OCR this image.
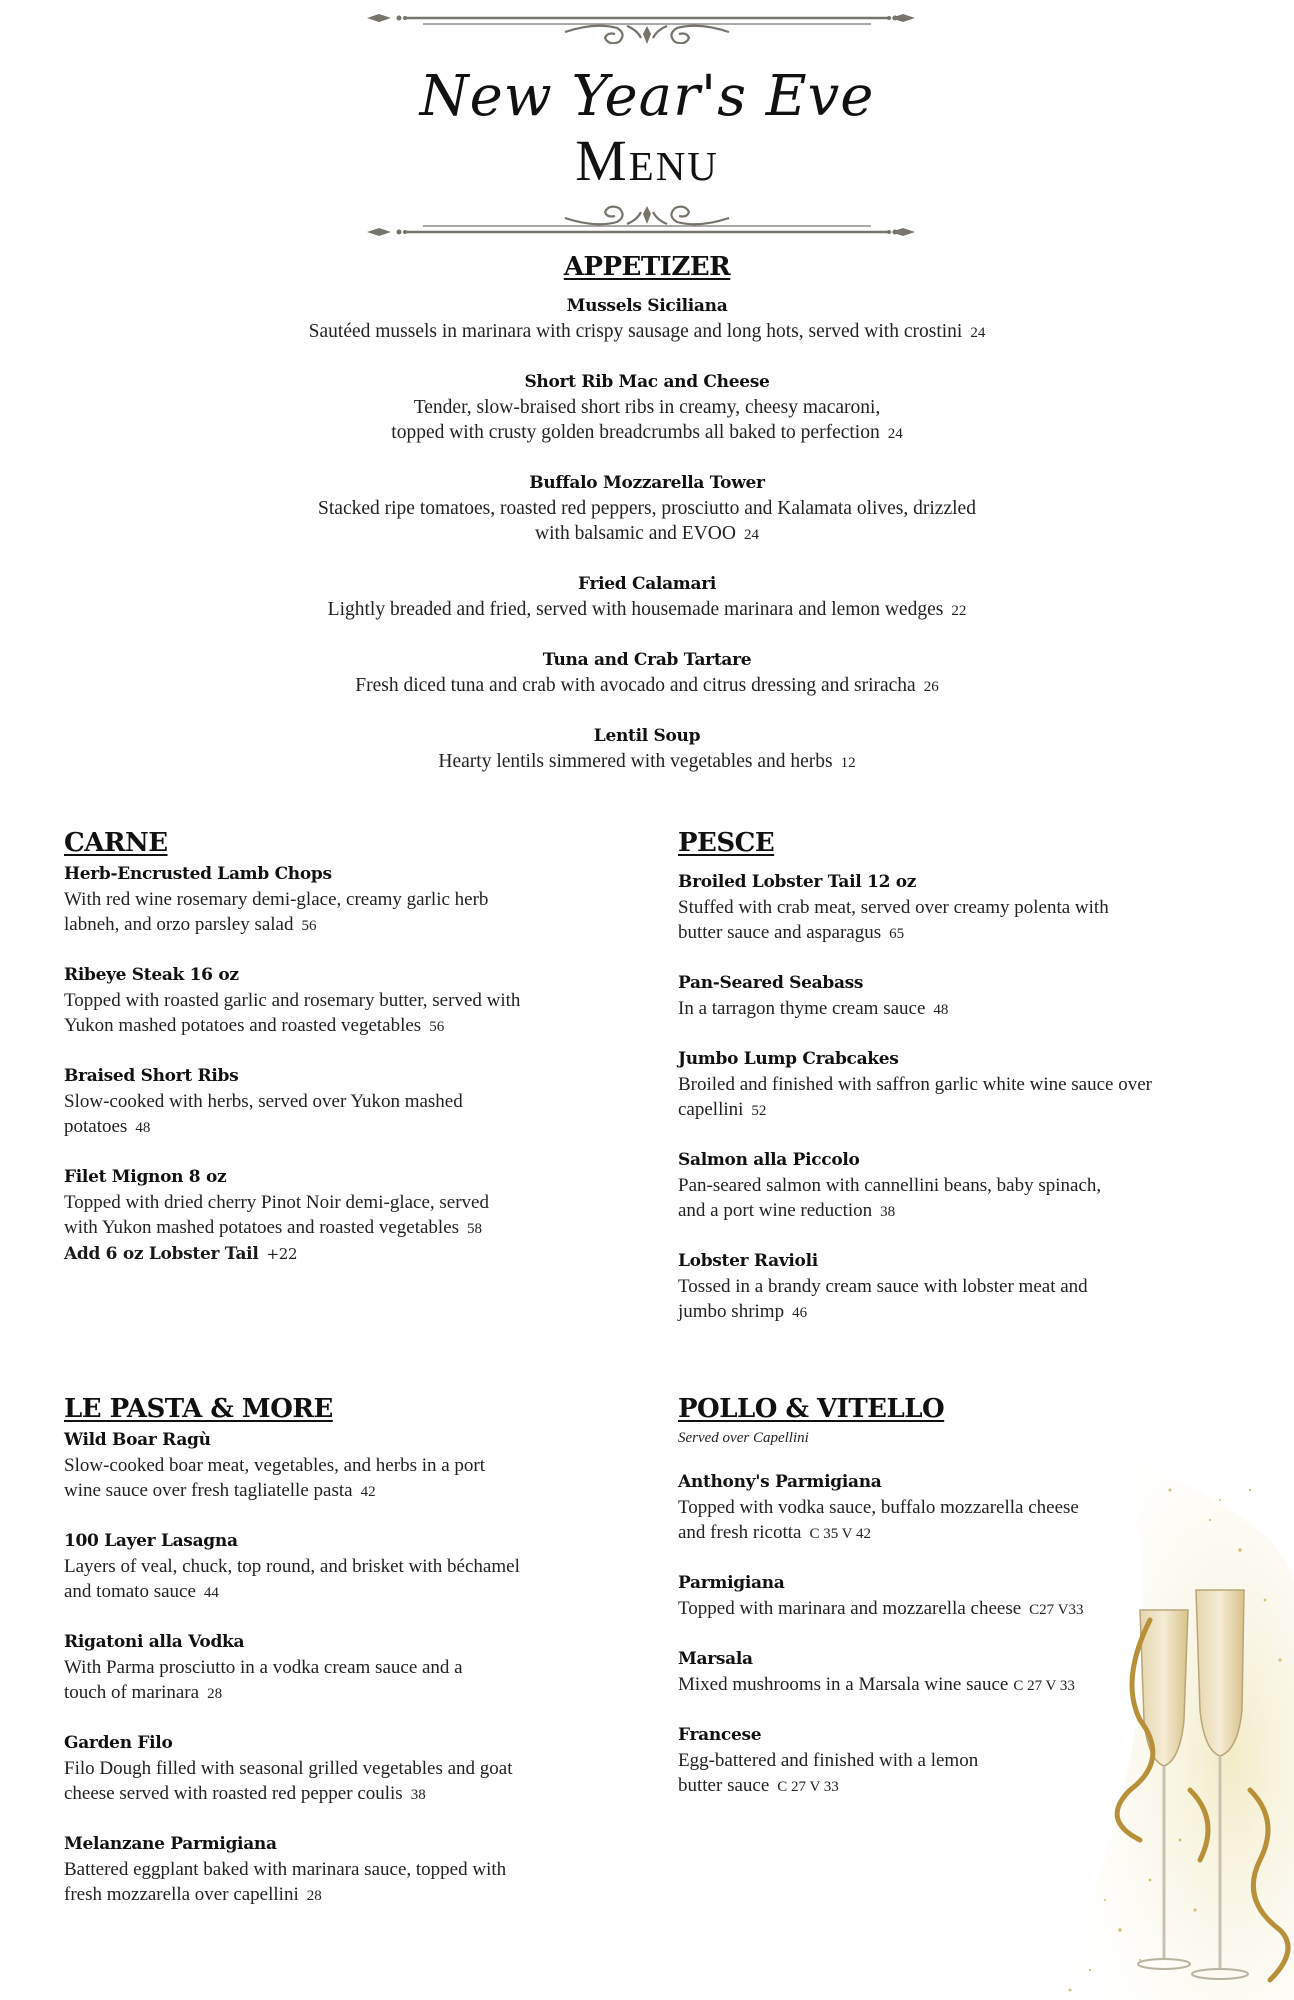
New Year's Eve
Menu
APPETIZER
Mussels Siciliana
Sautéed mussels in marinara with crispy sausage and long hots, served with crostini 24
Short Rib Mac and Cheese
Tender, slow-braised short ribs in creamy, cheesy macaroni,
topped with crusty golden breadcrumbs all baked to perfection 24
Buffalo Mozzarella Tower
Stacked ripe tomatoes, roasted red peppers, prosciutto and Kalamata olives, drizzled
with balsamic and EVOO 24
Fried Calamari
Lightly breaded and fried, served with housemade marinara and lemon wedges 22
Tuna and Crab Tartare
Fresh diced tuna and crab with avocado and citrus dressing and sriracha 26
Lentil Soup
Hearty lentils simmered with vegetables and herbs 12
CARNE
Herb-Encrusted Lamb Chops
With red wine rosemary demi-glace, creamy garlic herb
labneh, and orzo parsley salad 56
Ribeye Steak 16 oz
Topped with roasted garlic and rosemary butter, served with
Yukon mashed potatoes and roasted vegetables 56
Braised Short Ribs
Slow-cooked with herbs, served over Yukon mashed
potatoes 48
Filet Mignon 8 oz
Topped with dried cherry Pinot Noir demi-glace, served
with Yukon mashed potatoes and roasted vegetables 58
Add 6 oz Lobster Tail +22
PESCE
Broiled Lobster Tail 12 oz
Stuffed with crab meat, served over creamy polenta with
butter sauce and asparagus 65
Pan-Seared Seabass
In a tarragon thyme cream sauce 48
Jumbo Lump Crabcakes
Broiled and finished with saffron garlic white wine sauce over
capellini 52
Salmon alla Piccolo
Pan-seared salmon with cannellini beans, baby spinach,
and a port wine reduction 38
Lobster Ravioli
Tossed in a brandy cream sauce with lobster meat and
jumbo shrimp 46
LE PASTA & MORE
Wild Boar Ragù
Slow-cooked boar meat, vegetables, and herbs in a port
wine sauce over fresh tagliatelle pasta 42
100 Layer Lasagna
Layers of veal, chuck, top round, and brisket with béchamel
and tomato sauce 44
Rigatoni alla Vodka
With Parma prosciutto in a vodka cream sauce and a
touch of marinara 28
Garden Filo
Filo Dough filled with seasonal grilled vegetables and goat
cheese served with roasted red pepper coulis 38
Melanzane Parmigiana
Battered eggplant baked with marinara sauce, topped with
fresh mozzarella over capellini 28
POLLO & VITELLO
Served over Capellini
Anthony's Parmigiana
Topped with vodka sauce, buffalo mozzarella cheese
and fresh ricotta C 35 V 42
Parmigiana
Topped with marinara and mozzarella cheese C27 V33
Marsala
Mixed mushrooms in a Marsala wine sauce C 27 V 33
Francese
Egg-battered and finished with a lemon
butter sauce C 27 V 33
